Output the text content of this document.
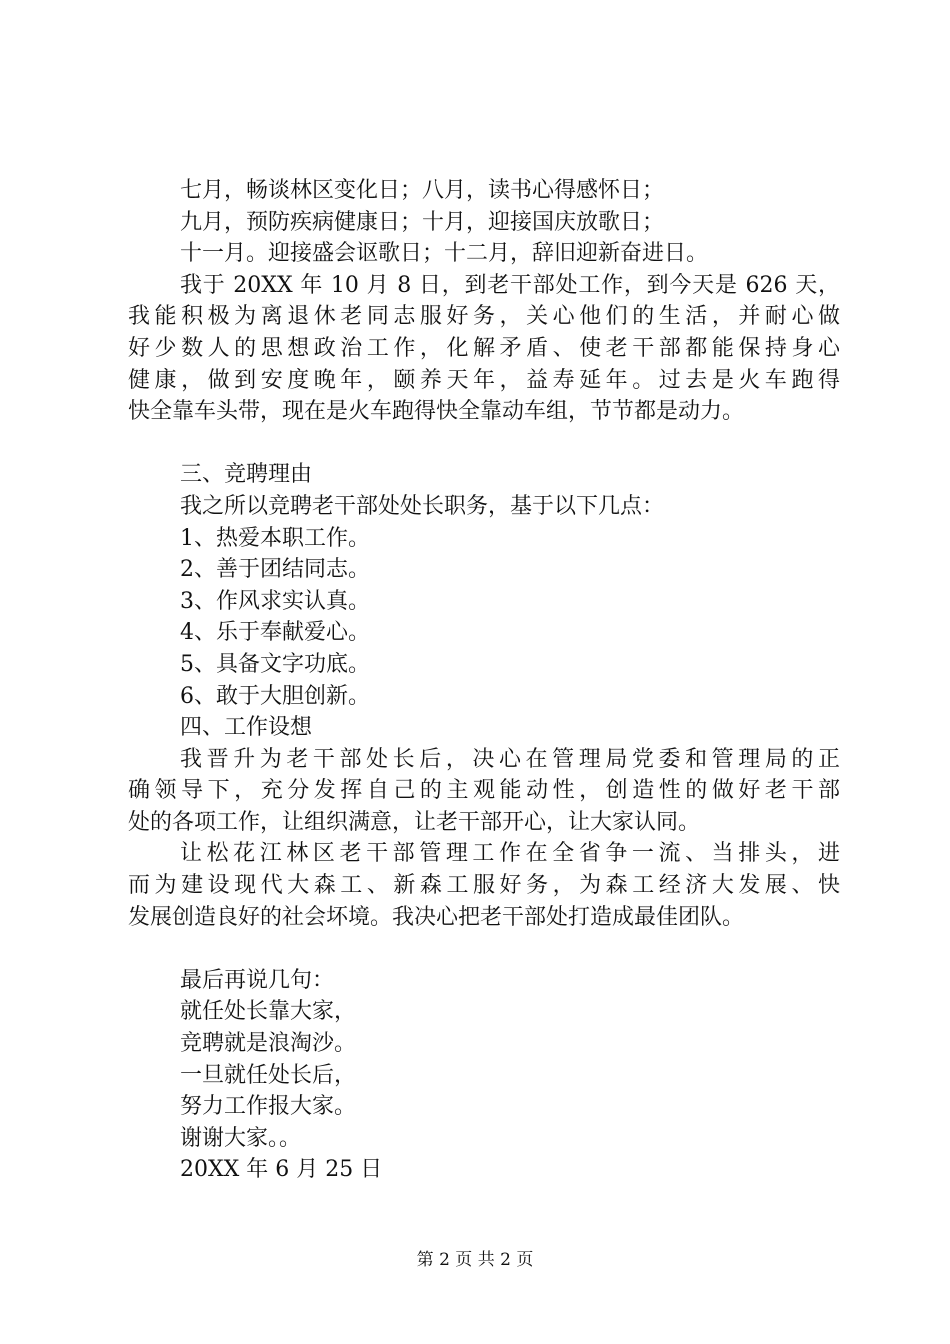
七月，畅谈林区变化日；八月，读书心得感怀日；
九月，预防疾病健康日；十月，迎接国庆放歌日；
十一月。迎接盛会讴歌日；十二月，辞旧迎新奋进日。
我于 20XX 年 10 月 8 日，到老干部处工作，到今天是 626 天，
我能积极为离退休老同志服好务，关心他们的生活，并耐心做
好少数人的思想政治工作，化解矛盾、使老干部都能保持身心
健康，做到安度晚年，颐养天年，益寿延年。过去是火车跑得
快全靠车头带，现在是火车跑得快全靠动车组，节节都是动力。
三、竞聘理由
我之所以竞聘老干部处处长职务，基于以下几点：
1、热爱本职工作。
2、善于团结同志。
3、作风求实认真。
4、乐于奉献爱心。
5、具备文字功底。
6、敢于大胆创新。
四、工作设想
我晋升为老干部处长后，决心在管理局党委和管理局的正
确领导下，充分发挥自己的主观能动性，创造性的做好老干部
处的各项工作，让组织满意，让老干部开心，让大家认同。
让松花江林区老干部管理工作在全省争一流、当排头，进
而为建设现代大森工、新森工服好务，为森工经济大发展、快
发展创造良好的社会坏境。我决心把老干部处打造成最佳团队。
最后再说几句：
就任处长靠大家，
竞聘就是浪淘沙。
一旦就任处长后，
努力工作报大家。
谢谢大家。。
20XX 年 6 月 25 日
第 2 页 共 2 页
